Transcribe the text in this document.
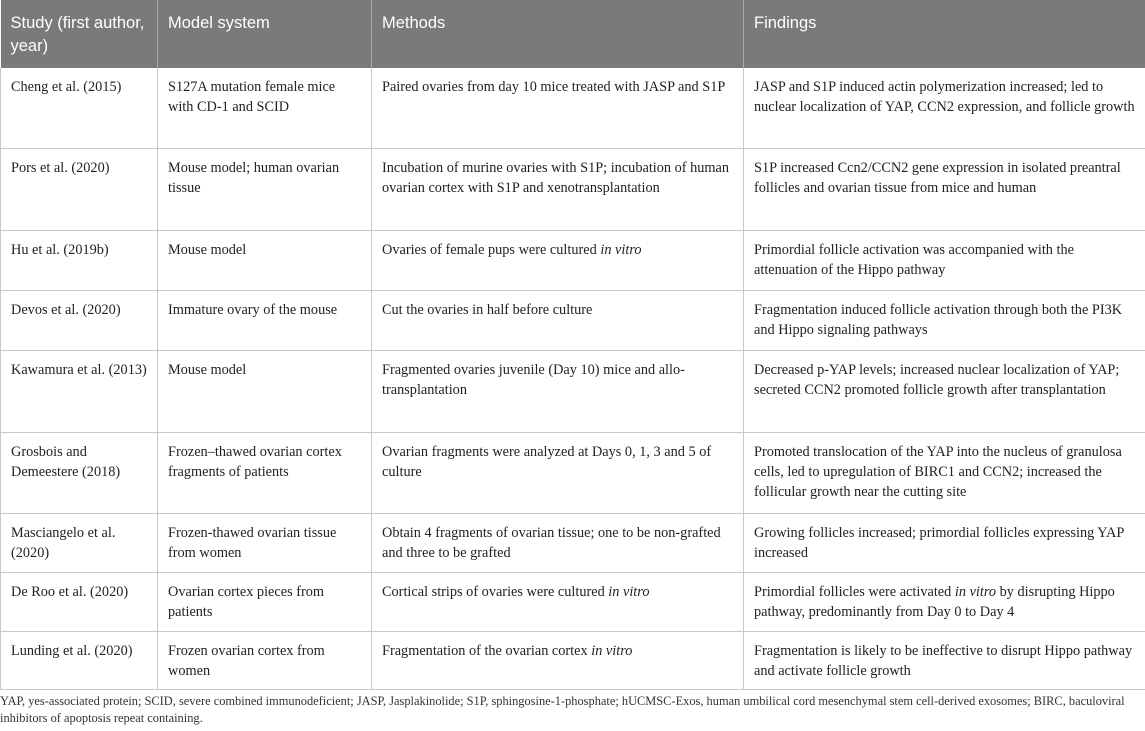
Study (first author, year)	Model system	Methods	Findings
Cheng et al. (2015)	S127A mutation female mice with CD-1 and SCID	Paired ovaries from day 10 mice treated with JASP and S1P	JASP and S1P induced actin polymerization increased; led to nuclear localization of YAP, CCN2 expression, and follicle growth
Pors et al. (2020)	Mouse model; human ovarian tissue	Incubation of murine ovaries with S1P; incubation of human ovarian cortex with S1P and xenotransplantation	S1P increased Ccn2/CCN2 gene expression in isolated preantral follicles and ovarian tissue from mice and human
Hu et al. (2019b)	Mouse model	Ovaries of female pups were cultured in vitro	Primordial follicle activation was accompanied with the attenuation of the Hippo pathway
Devos et al. (2020)	Immature ovary of the mouse	Cut the ovaries in half before culture	Fragmentation induced follicle activation through both the PI3K and Hippo signaling pathways
Kawamura et al. (2013)	Mouse model	Fragmented ovaries juvenile (Day 10) mice and allo-transplantation	Decreased p-YAP levels; increased nuclear localization of YAP; secreted CCN2 promoted follicle growth after transplantation
Grosbois and Demeestere (2018)	Frozen–thawed ovarian cortex fragments of patients	Ovarian fragments were analyzed at Days 0, 1, 3 and 5 of culture	Promoted translocation of the YAP into the nucleus of granulosa cells, led to upregulation of BIRC1 and CCN2; increased the follicular growth near the cutting site
Masciangelo et al. (2020)	Frozen-thawed ovarian tissue from women	Obtain 4 fragments of ovarian tissue; one to be non-grafted and three to be grafted	Growing follicles increased; primordial follicles expressing YAP increased
De Roo et al. (2020)	Ovarian cortex pieces from patients	Cortical strips of ovaries were cultured in vitro	Primordial follicles were activated in vitro by disrupting Hippo pathway, predominantly from Day 0 to Day 4
Lunding et al. (2020)	Frozen ovarian cortex from women	Fragmentation of the ovarian cortex in vitro	Fragmentation is likely to be ineffective to disrupt Hippo pathway and activate follicle growth
YAP, yes-associated protein; SCID, severe combined immunodeficient; JASP, Jasplakinolide; S1P, sphingosine-1-phosphate; hUCMSC-Exos, human umbilical cord mesenchymal stem cell-derived exosomes; BIRC, baculoviral inhibitors of apoptosis repeat containing.
